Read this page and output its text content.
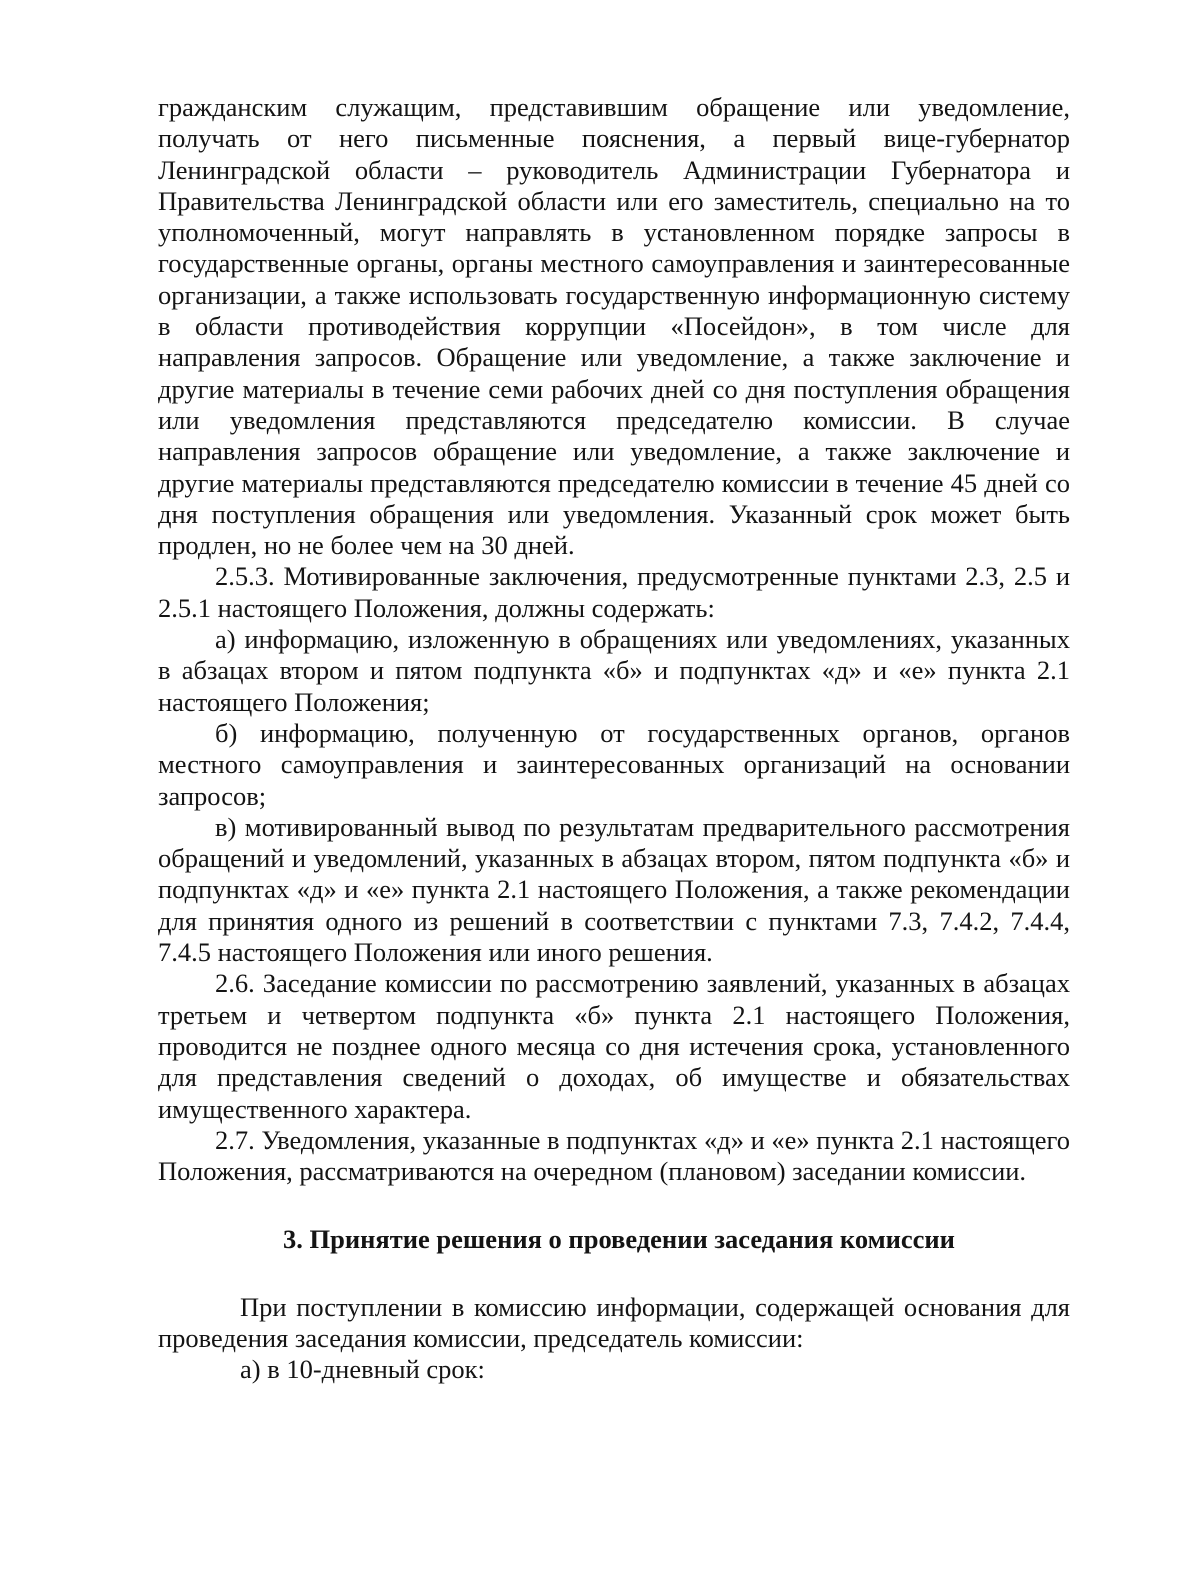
гражданским служащим, представившим обращение или уведомление, получать от него письменные пояснения, а первый вице-губернатор Ленинградской области – руководитель Администрации Губернатора и Правительства Ленинградской области или его заместитель, специально на то уполномоченный, могут направлять в установленном порядке запросы в государственные органы, органы местного самоуправления и заинтересованные организации, а также использовать государственную информационную систему в области противодействия коррупции «Посейдон», в том числе для направления запросов. Обращение или уведомление, а также заключение и другие материалы в течение семи рабочих дней со дня поступления обращения или уведомления представляются председателю комиссии. В случае направления запросов обращение или уведомление, а также заключение и другие материалы представляются председателю комиссии в течение 45 дней со дня поступления обращения или уведомления. Указанный срок может быть продлен, но не более чем на 30 дней.

2.5.3. Мотивированные заключения, предусмотренные пунктами 2.3, 2.5 и 2.5.1 настоящего Положения, должны содержать:

а) информацию, изложенную в обращениях или уведомлениях, указанных в абзацах втором и пятом подпункта «б» и подпунктах «д» и «е» пункта 2.1 настоящего Положения;

б) информацию, полученную от государственных органов, органов местного самоуправления и заинтересованных организаций на основании запросов;

в) мотивированный вывод по результатам предварительного рассмотрения обращений и уведомлений, указанных в абзацах втором, пятом подпункта «б» и подпунктах «д» и «е» пункта 2.1 настоящего Положения, а также рекомендации для принятия одного из решений в соответствии с пунктами 7.3, 7.4.2, 7.4.4, 7.4.5 настоящего Положения или иного решения.

2.6. Заседание комиссии по рассмотрению заявлений, указанных в абзацах третьем и четвертом подпункта «б» пункта 2.1 настоящего Положения, проводится не позднее одного месяца со дня истечения срока, установленного для представления сведений о доходах, об имуществе и обязательствах имущественного характера.

2.7. Уведомления, указанные в подпунктах «д» и «е» пункта 2.1 настоящего Положения, рассматриваются на очередном (плановом) заседании комиссии.

3. Принятие решения о проведении заседания комиссии

При поступлении в комиссию информации, содержащей основания для проведения заседания комиссии, председатель комиссии:

а) в 10-дневный срок:
